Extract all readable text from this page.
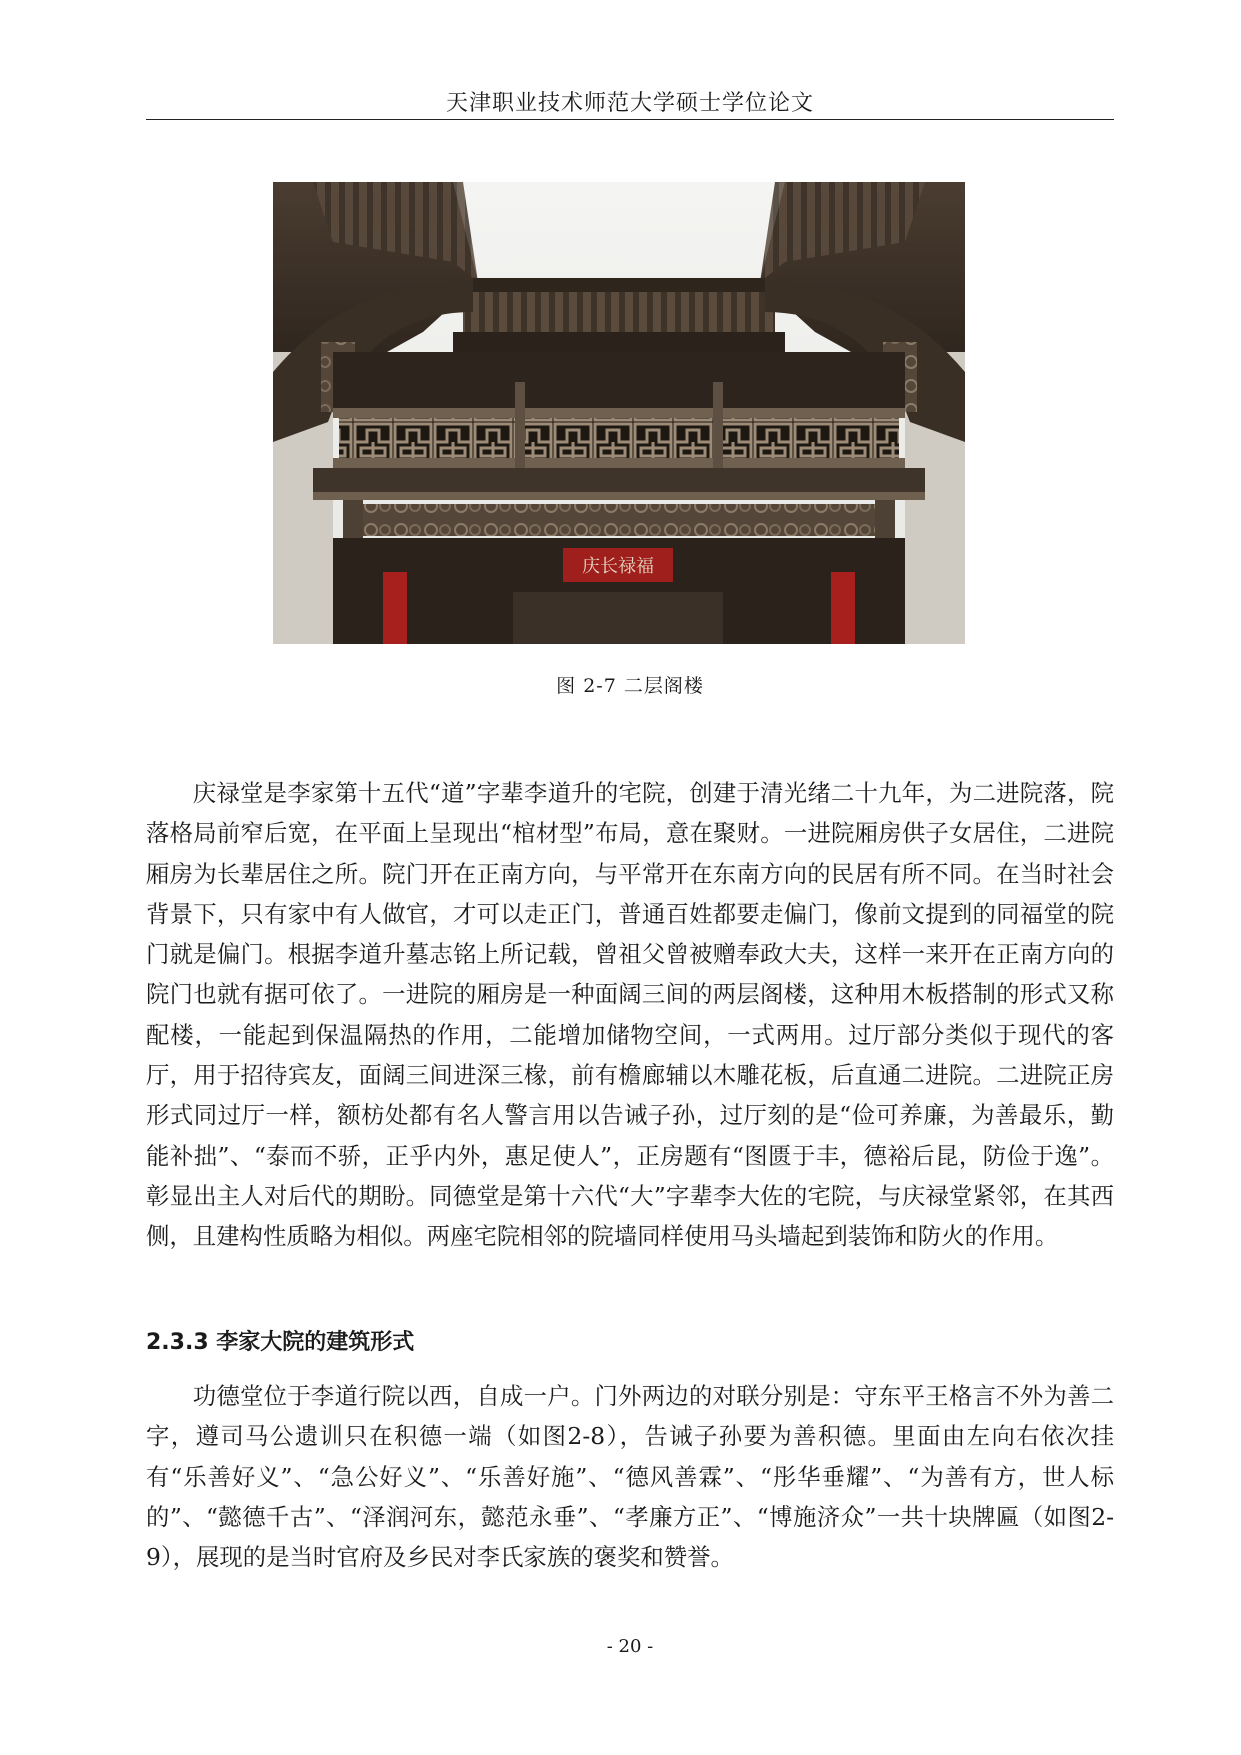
天津职业技术师范大学硕士学位论文
庆长禄福
图 2-7 二层阁楼

庆禄堂是李家第十五代“道”字辈李道升的宅院，创建于清光绪二十九年，为二进院落，院落格局前窄后宽，在平面上呈现出“棺材型”布局，意在聚财。一进院厢房供子女居住，二进院厢房为长辈居住之所。院门开在正南方向，与平常开在东南方向的民居有所不同。在当时社会背景下，只有家中有人做官，才可以走正门，普通百姓都要走偏门，像前文提到的同福堂的院门就是偏门。根据李道升墓志铭上所记载，曾祖父曾被赠奉政大夫，这样一来开在正南方向的院门也就有据可依了。一进院的厢房是一种面阔三间的两层阁楼，这种用木板搭制的形式又称配楼，一能起到保温隔热的作用，二能增加储物空间，一式两用。过厅部分类似于现代的客厅，用于招待宾友，面阔三间进深三椽，前有檐廊辅以木雕花板，后直通二进院。二进院正房形式同过厅一样，额枋处都有名人警言用以告诫子孙，过厅刻的是“俭可养廉，为善最乐，勤能补拙”、“泰而不骄，正乎内外，惠足使人”，正房题有“图匮于丰，德裕后昆，防俭于逸”。彰显出主人对后代的期盼。同德堂是第十六代“大”字辈李大佐的宅院，与庆禄堂紧邻，在其西侧，且建构性质略为相似。两座宅院相邻的院墙同样使用马头墙起到装饰和防火的作用。

2.3.3 李家大院的建筑形式

功德堂位于李道行院以西，自成一户。门外两边的对联分别是：守东平王格言不外为善二字，遵司马公遗训只在积德一端（如图2-8），告诫子孙要为善积德。里面由左向右依次挂有“乐善好义”、“急公好义”、“乐善好施”、“德风善霖”、“彤华垂耀”、“为善有方，世人标的”、“懿德千古”、“泽润河东，懿范永垂”、“孝廉方正”、“博施济众”一共十块牌匾（如图2-9），展现的是当时官府及乡民对李氏家族的褒奖和赞誉。

- 20 -
